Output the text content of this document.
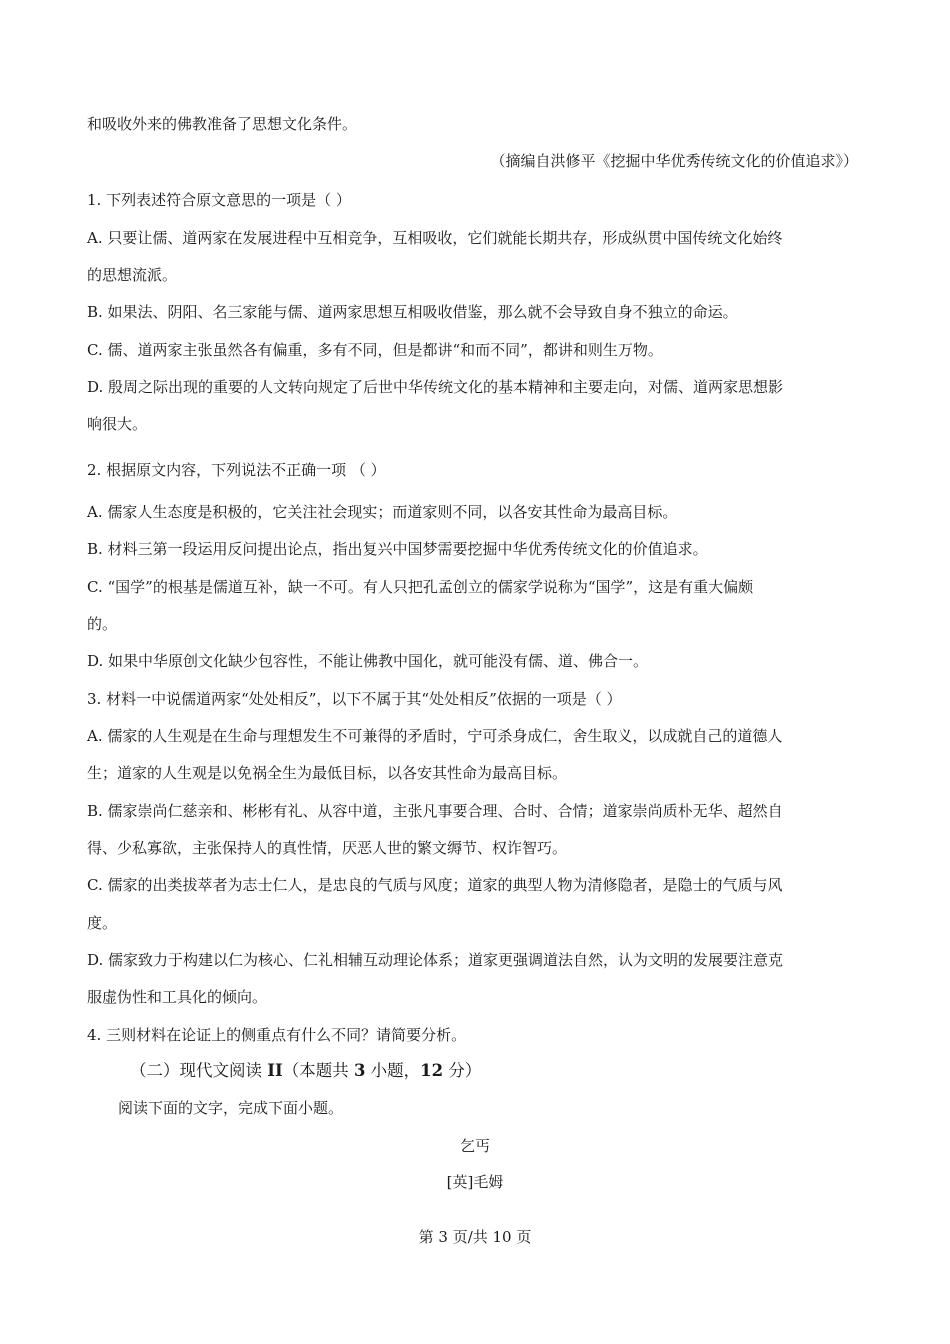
和吸收外来的佛教准备了思想文化条件。

（摘编自洪修平《挖掘中华优秀传统文化的价值追求》）

1. 下列表述符合原文意思的一项是（ ）

A. 只要让儒、道两家在发展进程中互相竞争，互相吸收，它们就能长期共存，形成纵贯中国传统文化始终

的思想流派。

B. 如果法、阴阳、名三家能与儒、道两家思想互相吸收借鉴，那么就不会导致自身不独立的命运。

C. 儒、道两家主张虽然各有偏重，多有不同，但是都讲“和而不同”，都讲和则生万物。

D. 殷周之际出现的重要的人文转向规定了后世中华传统文化的基本精神和主要走向，对儒、道两家思想影

响很大。

2. 根据原文内容，下列说法不正确一项 （ ）

A. 儒家人生态度是积极的，它关注社会现实；而道家则不同，以各安其性命为最高目标。

B. 材料三第一段运用反问提出论点，指出复兴中国梦需要挖掘中华优秀传统文化的价值追求。

C. “国学”的根基是儒道互补，缺一不可。有人只把孔孟创立的儒家学说称为“国学”，这是有重大偏颇

的。

D. 如果中华原创文化缺少包容性，不能让佛教中国化，就可能没有儒、道、佛合一。

3. 材料一中说儒道两家“处处相反”，以下不属于其“处处相反”依据的一项是（ ）

A. 儒家的人生观是在生命与理想发生不可兼得的矛盾时，宁可杀身成仁，舍生取义，以成就自己的道德人

生；道家的人生观是以免祸全生为最低目标，以各安其性命为最高目标。

B. 儒家崇尚仁慈亲和、彬彬有礼、从容中道，主张凡事要合理、合时、合情；道家崇尚质朴无华、超然自

得、少私寡欲，主张保持人的真性情，厌恶人世的繁文缛节、权诈智巧。

C. 儒家的出类拔萃者为志士仁人，是忠良的气质与风度；道家的典型人物为清修隐者，是隐士的气质与风

度。

D. 儒家致力于构建以仁为核心、仁礼相辅互动理论体系；道家更强调道法自然，认为文明的发展要注意克

服虚伪性和工具化的倾向。

4. 三则材料在论证上的侧重点有什么不同？请简要分析。

（二）现代文阅读 II（本题共 3 小题，12 分）

阅读下面的文字，完成下面小题。

乞丐

[英]毛姆

第 3 页/共 10 页
